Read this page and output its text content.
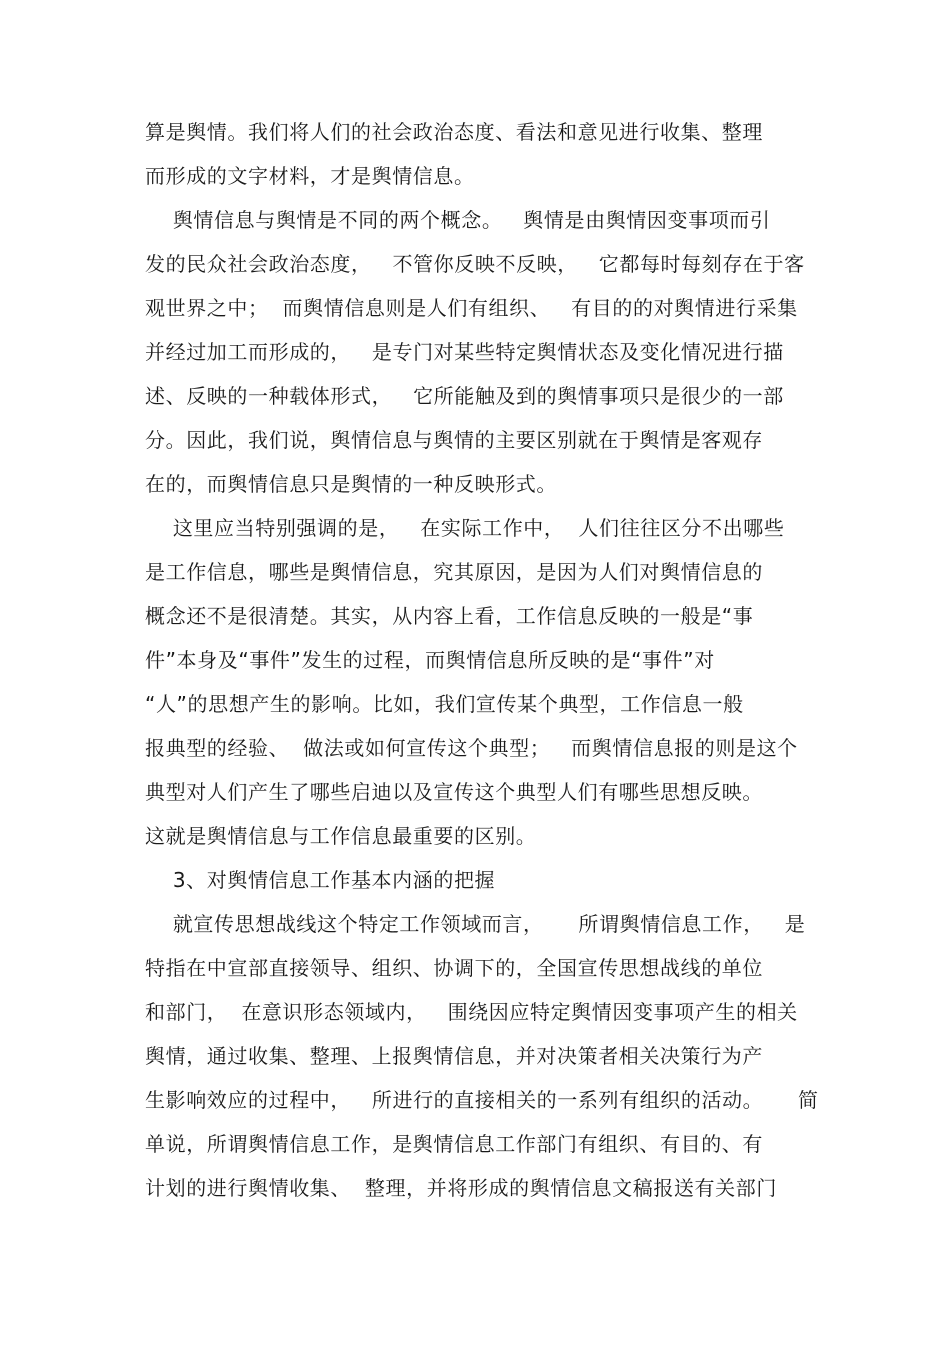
算是舆情。我们将人们的社会政治态度、看法和意见进行收集、整理
而形成的文字材料，才是舆情信息。
舆情信息与舆情是不同的两个概念。   舆情是由舆情因变事项而引
发的民众社会政治态度，   不管你反映不反映，   它都每时每刻存在于客
观世界之中；  而舆情信息则是人们有组织、   有目的的对舆情进行采集
并经过加工而形成的，   是专门对某些特定舆情状态及变化情况进行描
述、反映的一种载体形式，   它所能触及到的舆情事项只是很少的一部
分。因此，我们说，舆情信息与舆情的主要区别就在于舆情是客观存
在的，而舆情信息只是舆情的一种反映形式。
这里应当特别强调的是，   在实际工作中，  人们往往区分不出哪些
是工作信息，哪些是舆情信息，究其原因，是因为人们对舆情信息的
概念还不是很清楚。其实，从内容上看，工作信息反映的一般是“事
件”本身及“事件”发生的过程，而舆情信息所反映的是“事件”对
“人”的思想产生的影响。比如，我们宣传某个典型，工作信息一般
报典型的经验、  做法或如何宣传这个典型；   而舆情信息报的则是这个
典型对人们产生了哪些启迪以及宣传这个典型人们有哪些思想反映。
这就是舆情信息与工作信息最重要的区别。
3、对舆情信息工作基本内涵的把握
就宣传思想战线这个特定工作领域而言，     所谓舆情信息工作，   是
特指在中宣部直接领导、组织、协调下的，全国宣传思想战线的单位
和部门，  在意识形态领域内，   围绕因应特定舆情因变事项产生的相关
舆情，通过收集、整理、上报舆情信息，并对决策者相关决策行为产
生影响效应的过程中，   所进行的直接相关的一系列有组织的活动。     简
单说，所谓舆情信息工作，是舆情信息工作部门有组织、有目的、有
计划的进行舆情收集、  整理，并将形成的舆情信息文稿报送有关部门
